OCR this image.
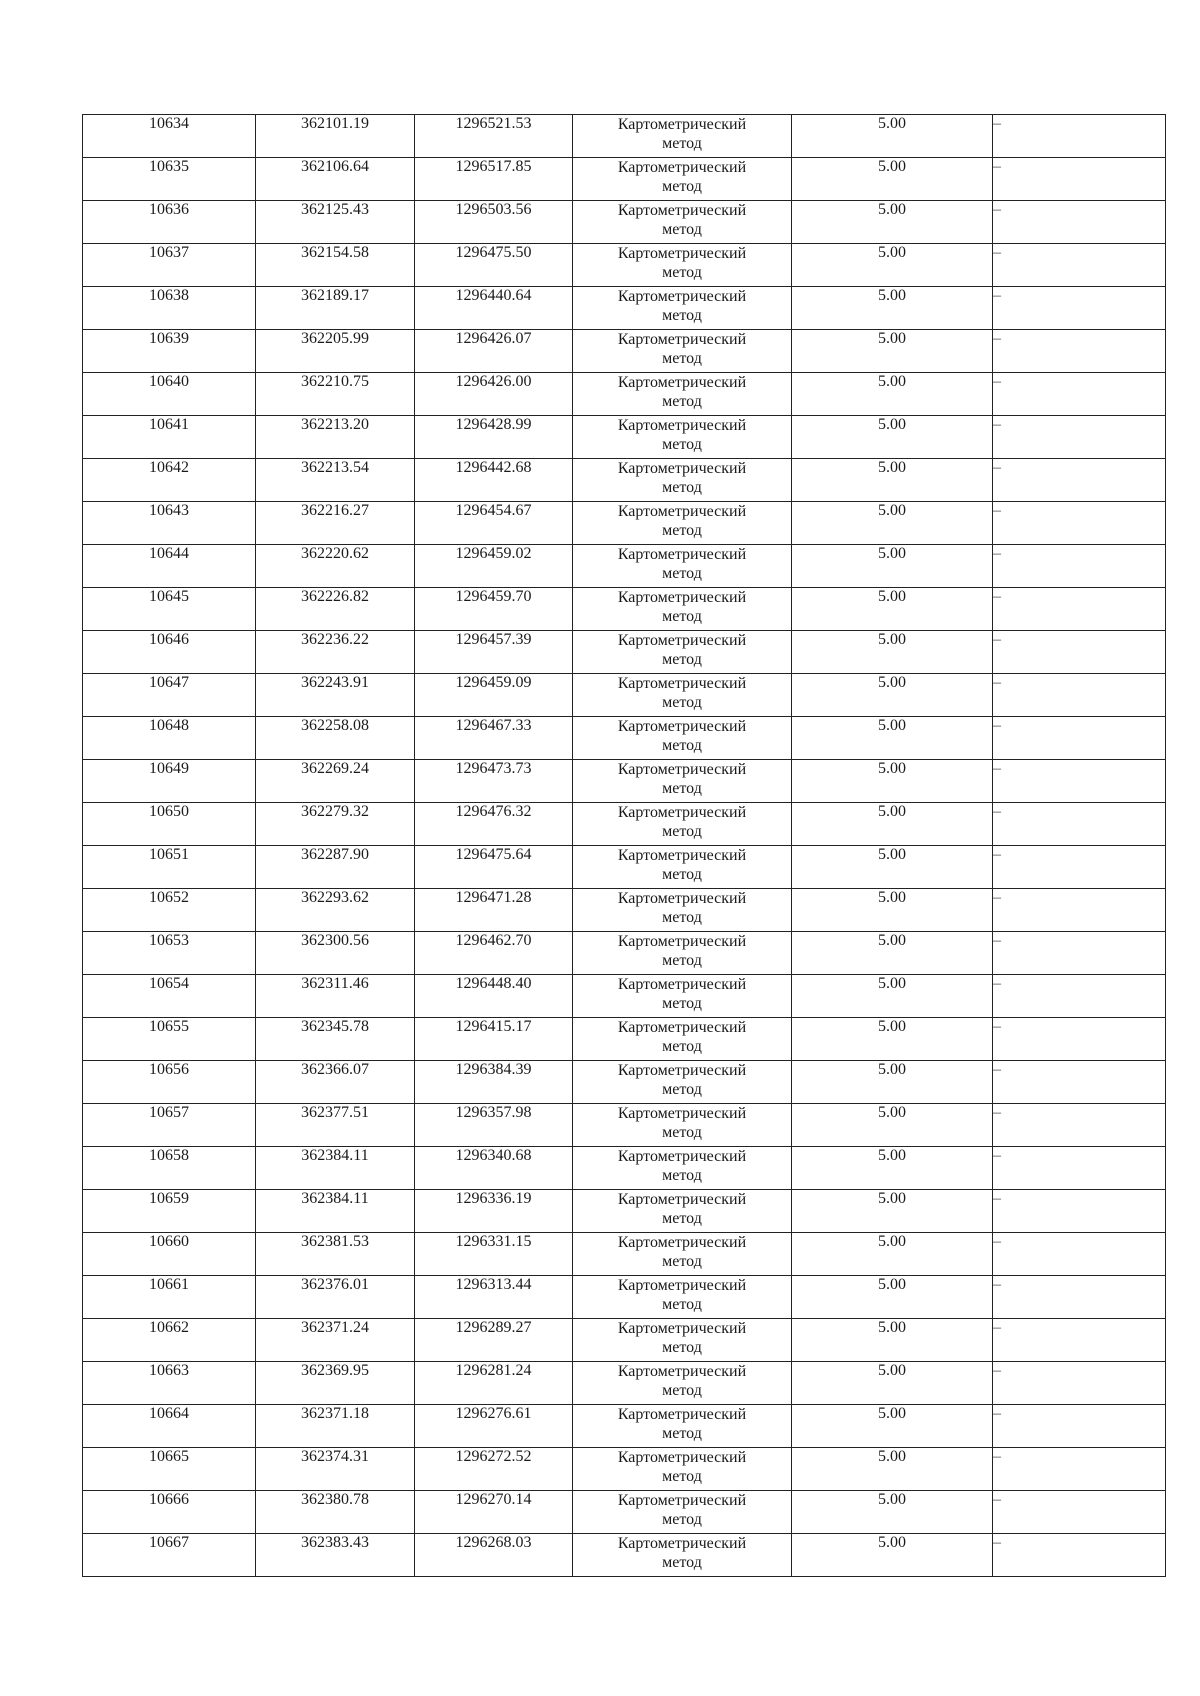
10634	362101.19	1296521.53	Картометрический метод	5.00	–
10635	362106.64	1296517.85	Картометрический метод	5.00	–
10636	362125.43	1296503.56	Картометрический метод	5.00	–
10637	362154.58	1296475.50	Картометрический метод	5.00	–
10638	362189.17	1296440.64	Картометрический метод	5.00	–
10639	362205.99	1296426.07	Картометрический метод	5.00	–
10640	362210.75	1296426.00	Картометрический метод	5.00	–
10641	362213.20	1296428.99	Картометрический метод	5.00	–
10642	362213.54	1296442.68	Картометрический метод	5.00	–
10643	362216.27	1296454.67	Картометрический метод	5.00	–
10644	362220.62	1296459.02	Картометрический метод	5.00	–
10645	362226.82	1296459.70	Картометрический метод	5.00	–
10646	362236.22	1296457.39	Картометрический метод	5.00	–
10647	362243.91	1296459.09	Картометрический метод	5.00	–
10648	362258.08	1296467.33	Картометрический метод	5.00	–
10649	362269.24	1296473.73	Картометрический метод	5.00	–
10650	362279.32	1296476.32	Картометрический метод	5.00	–
10651	362287.90	1296475.64	Картометрический метод	5.00	–
10652	362293.62	1296471.28	Картометрический метод	5.00	–
10653	362300.56	1296462.70	Картометрический метод	5.00	–
10654	362311.46	1296448.40	Картометрический метод	5.00	–
10655	362345.78	1296415.17	Картометрический метод	5.00	–
10656	362366.07	1296384.39	Картометрический метод	5.00	–
10657	362377.51	1296357.98	Картометрический метод	5.00	–
10658	362384.11	1296340.68	Картометрический метод	5.00	–
10659	362384.11	1296336.19	Картометрический метод	5.00	–
10660	362381.53	1296331.15	Картометрический метод	5.00	–
10661	362376.01	1296313.44	Картометрический метод	5.00	–
10662	362371.24	1296289.27	Картометрический метод	5.00	–
10663	362369.95	1296281.24	Картометрический метод	5.00	–
10664	362371.18	1296276.61	Картометрический метод	5.00	–
10665	362374.31	1296272.52	Картометрический метод	5.00	–
10666	362380.78	1296270.14	Картометрический метод	5.00	–
10667	362383.43	1296268.03	Картометрический метод	5.00	–
